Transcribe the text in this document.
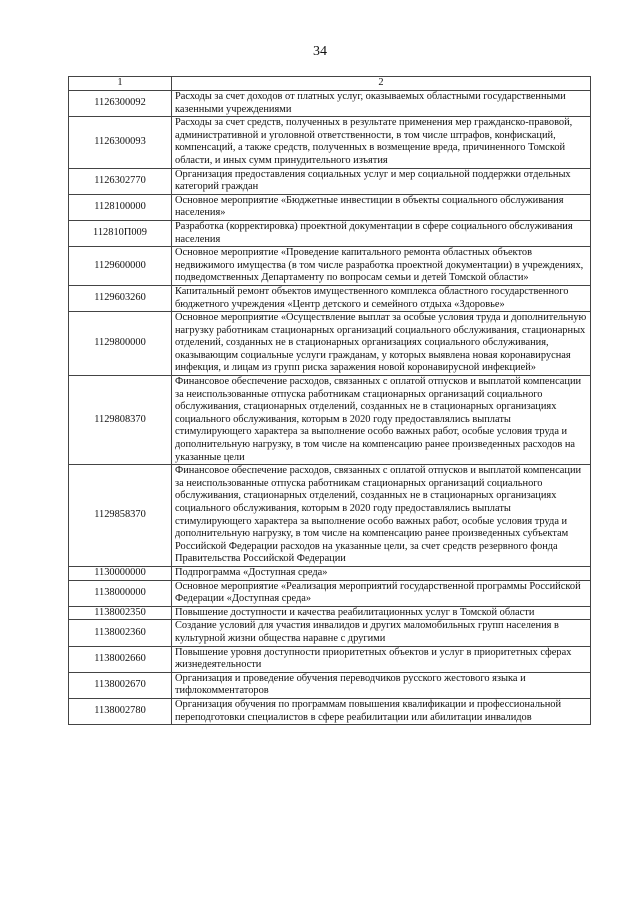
34
1	2
1126300092	Расходы за счет доходов от платных услуг, оказываемых областными государственными казенными учреждениями
1126300093	Расходы за счет средств, полученных в результате применения мер гражданско-правовой, административной и уголовной ответственности, в том числе штрафов, конфискаций, компенсаций, а также средств, полученных в возмещение вреда, причиненного Томской области, и иных сумм принудительного изъятия
1126302770	Организация предоставления социальных услуг и мер социальной поддержки отдельных категорий граждан
1128100000	Основное мероприятие «Бюджетные инвестиции в объекты социального обслуживания населения»
112810П009	Разработка (корректировка) проектной документации в сфере социального обслуживания населения
1129600000	Основное мероприятие «Проведение капитального ремонта областных объектов недвижимого имущества (в том числе разработка проектной документации) в учреждениях, подведомственных Департаменту по вопросам семьи и детей Томской области»
1129603260	Капитальный ремонт объектов имущественного комплекса областного государственного бюджетного учреждения «Центр детского и семейного отдыха «Здоровье»
1129800000	Основное мероприятие «Осуществление выплат за особые условия труда и дополнительную нагрузку работникам стационарных организаций социального обслуживания, стационарных отделений, созданных не в стационарных организациях социального обслуживания, оказывающим социальные услуги гражданам, у которых выявлена новая коронавирусная инфекция, и лицам из групп риска заражения новой коронавирусной инфекцией»
1129808370	Финансовое обеспечение расходов, связанных с оплатой отпусков и выплатой компенсации за неиспользованные отпуска работникам стационарных организаций социального обслуживания, стационарных отделений, созданных не в стационарных организациях социального обслуживания, которым в 2020 году предоставлялись выплаты стимулирующего характера за выполнение особо важных работ, особые условия труда и дополнительную нагрузку, в том числе на компенсацию ранее произведенных расходов на указанные цели
1129858370	Финансовое обеспечение расходов, связанных с оплатой отпусков и выплатой компенсации за неиспользованные отпуска работникам стационарных организаций социального обслуживания, стационарных отделений, созданных не в стационарных организациях социального обслуживания, которым в 2020 году предоставлялись выплаты стимулирующего характера за выполнение особо важных работ, особые условия труда и дополнительную нагрузку, в том числе на компенсацию ранее произведенных субъектам Российской Федерации расходов на указанные цели, за счет средств резервного фонда Правительства Российской Федерации
1130000000	Подпрограмма «Доступная среда»
1138000000	Основное мероприятие «Реализация мероприятий государственной программы Российской Федерации «Доступная среда»
1138002350	Повышение доступности и качества реабилитационных услуг в Томской области
1138002360	Создание условий для участия инвалидов и других маломобильных групп населения в культурной жизни общества наравне с другими
1138002660	Повышение уровня доступности приоритетных объектов и услуг в приоритетных сферах жизнедеятельности
1138002670	Организация и проведение обучения переводчиков русского жестового языка и тифлокомментаторов
1138002780	Организация обучения по программам повышения квалификации и профессиональной переподготовки специалистов в сфере реабилитации или абилитации инвалидов
